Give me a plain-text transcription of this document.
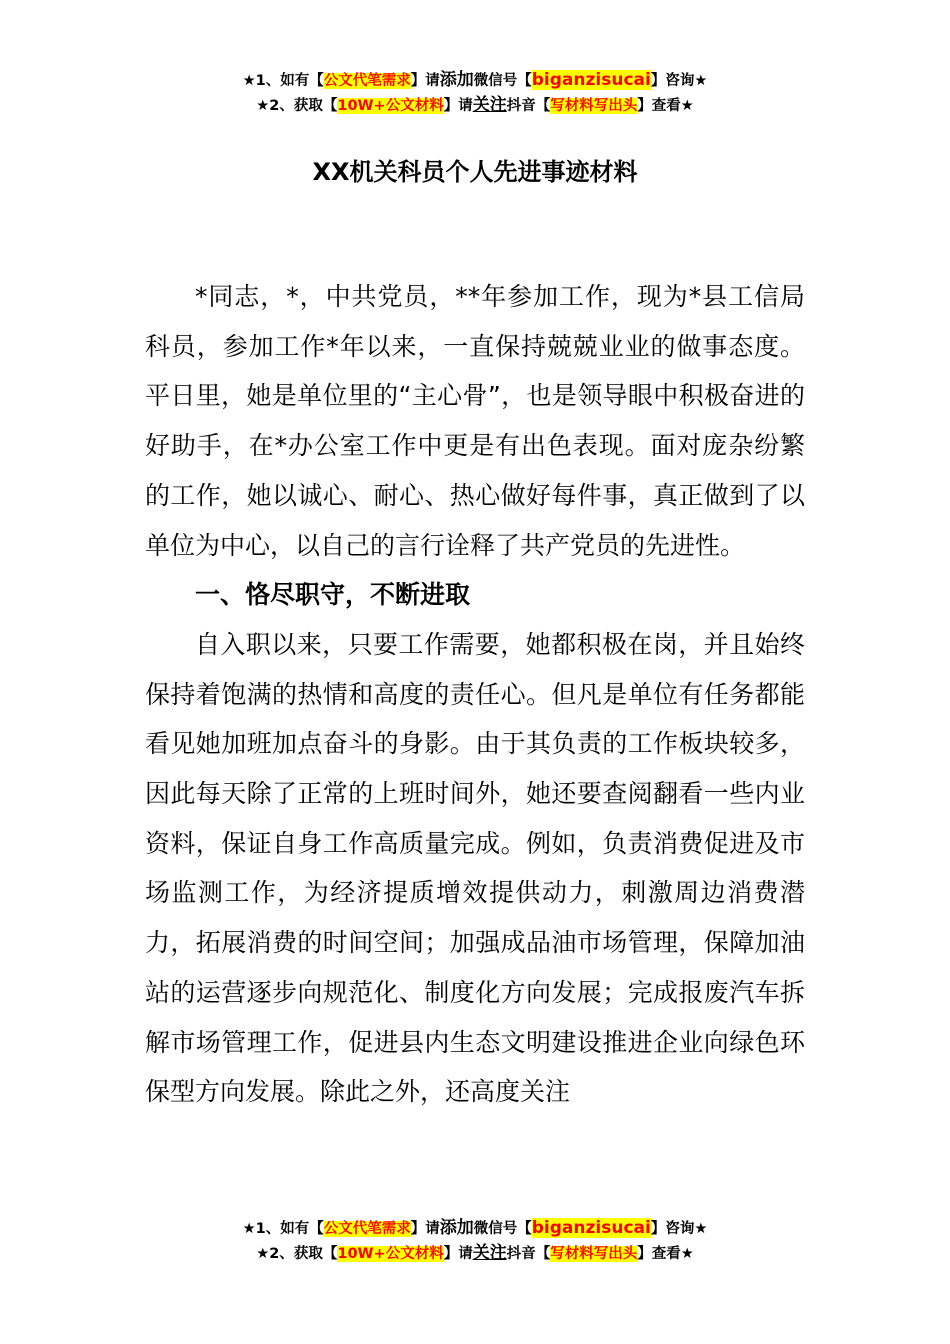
★1、如有【公文代笔需求】请添加微信号【biganzisucai】咨询★
★2、获取【10W+公文材料】请关注抖音【写材料写出头】查看★
XX机关科员个人先进事迹材料

*同志，*，中共党员，**年参加工作，现为*县工信局科员，参加工作*年以来，一直保持兢兢业业的做事态度。平日里，她是单位里的“主心骨”，也是领导眼中积极奋进的好助手，在*办公室工作中更是有出色表现。面对庞杂纷繁的工作，她以诚心、耐心、热心做好每件事，真正做到了以单位为中心，以自己的言行诠释了共产党员的先进性。

一、恪尽职守，不断进取

自入职以来，只要工作需要，她都积极在岗，并且始终保持着饱满的热情和高度的责任心。但凡是单位有任务都能看见她加班加点奋斗的身影。由于其负责的工作板块较多，因此每天除了正常的上班时间外，她还要查阅翻看一些内业资料，保证自身工作高质量完成。例如，负责消费促进及市场监测工作，为经济提质增效提供动力，刺激周边消费潜力，拓展消费的时间空间；加强成品油市场管理，保障加油站的运营逐步向规范化、制度化方向发展；完成报废汽车拆解市场管理工作，促进县内生态文明建设推进企业向绿色环保型方向发展。除此之外，还高度关注

★1、如有【公文代笔需求】请添加微信号【biganzisucai】咨询★
★2、获取【10W+公文材料】请关注抖音【写材料写出头】查看★
